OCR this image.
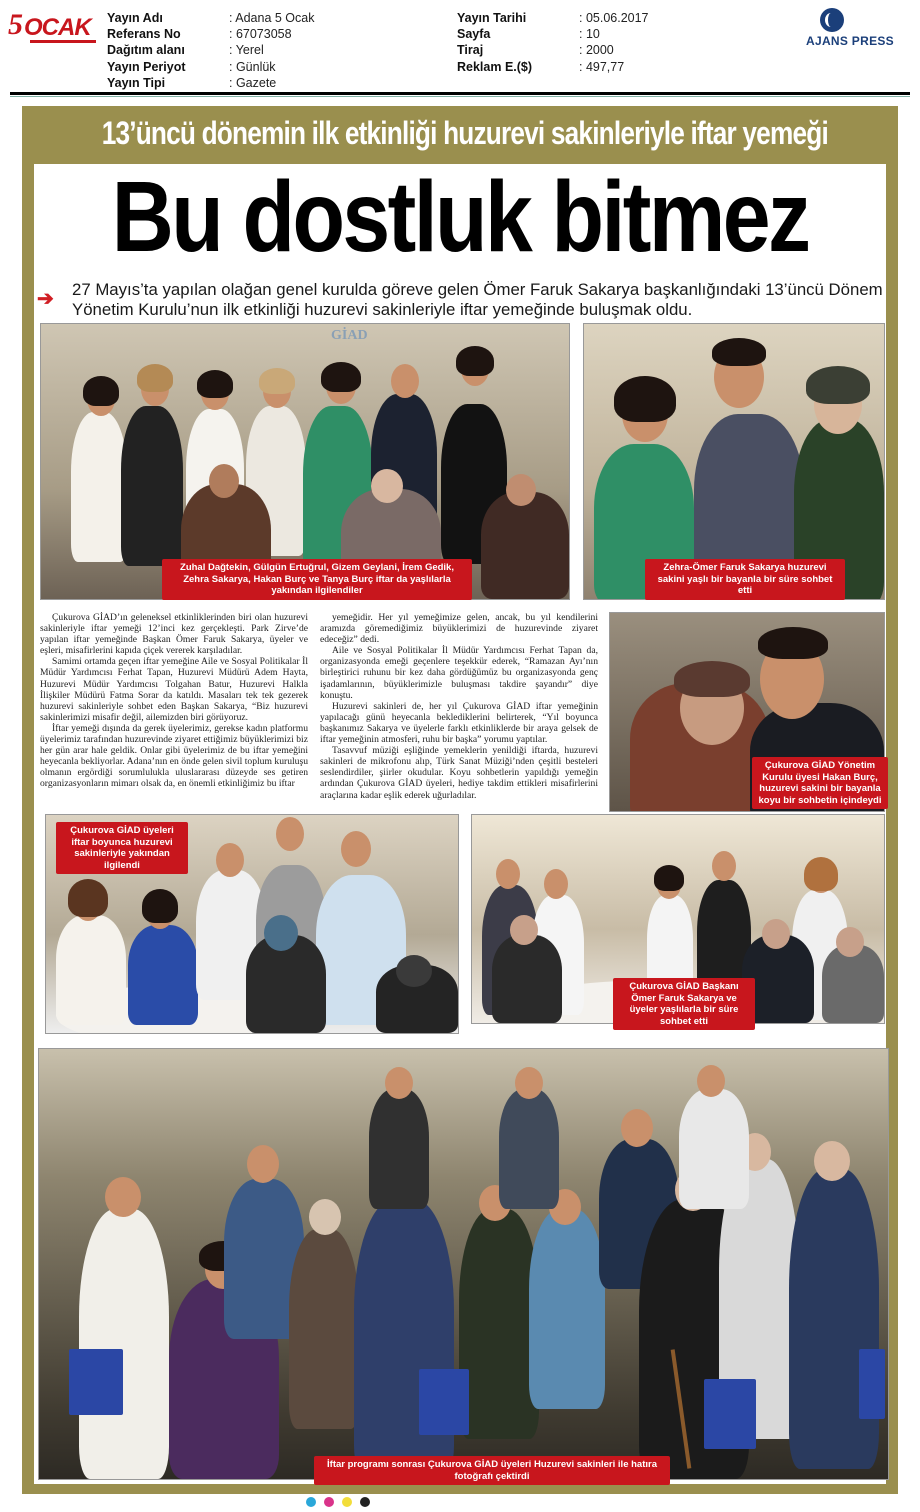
5 OCAK Yayın Adı	: Adana 5 Ocak
Referans No	: 67073058
Dağıtım alanı	: Yerel
Yayın Periyot	: Günlük
Yayın Tipi	: Gazete
Yayın Tarihi	: 05.06.2017
Sayfa	: 10
Tiraj	: 2000
Reklam E.($)	: 497,77
AJANS PRESS
13’üncü dönemin ilk etkinliği huzurevi sakinleriyle iftar yemeği
Bu dostluk bitmez
➔ 27 Mayıs’ta yapılan olağan genel kurulda göreve gelen Ömer Faruk Sakarya başkanlığındaki 13’üncü Dönem Yönetim Kurulu’nun ilk etkinliği huzurevi sakinleriyle iftar yemeğinde buluşmak oldu.
GİAD
Zuhal Dağtekin, Gülgün Ertuğrul, Gizem Geylani, İrem Gedik, Zehra Sakarya, Hakan Burç ve Tanya Burç iftar da yaşlılarla yakından ilgilendiler
Zehra-Ömer Faruk Sakarya huzurevi sakini yaşlı bir bayanla bir süre sohbet etti

Çukurova GİAD’ın geleneksel etkinliklerinden biri olan huzurevi sakinleriyle iftar yemeği 12’inci kez gerçekleşti. Park Zirve’de yapılan iftar yemeğinde Başkan Ömer Faruk Sakarya, üyeler ve eşleri, misafirlerini kapıda çiçek vererek karşıladılar.

Samimi ortamda geçen iftar yemeğine Aile ve Sosyal Politikalar İl Müdür Yardımcısı Ferhat Tapan, Huzurevi Müdürü Adem Hayta, Huzurevi Müdür Yardımcısı Tolgahan Batur, Huzurevi Halkla İlişkiler Müdürü Fatma Sorar da katıldı. Masaları tek tek gezerek huzurevi sakinleriyle sohbet eden Başkan Sakarya, “Biz huzurevi sakinlerimizi misafir değil, ailemizden biri görüyoruz.

İftar yemeği dışında da gerek üyelerimiz, gerekse kadın platformu üyelerimiz tarafından huzurevinde ziyaret ettiğimiz büyüklerimizi biz her gün arar hale geldik. Onlar gibi üyelerimiz de bu iftar yemeğini heyecanla bekliyorlar. Adana’nın en önde gelen sivil toplum kuruluşu olmanın ergördiği sorumlulukla uluslararası düzeyde ses getiren organizasyonların mimarı olsak da, en önemli etkinliğimiz bu iftar

yemeğidir. Her yıl yemeğimize gelen, ancak, bu yıl kendilerini aramızda göremediğimiz büyüklerimizi de huzurevinde ziyaret edeceğiz” dedi.

Aile ve Sosyal Politikalar İl Müdür Yardımcısı Ferhat Tapan da, organizasyonda emeği geçenlere teşekkür ederek, “Ramazan Ayı’nın birleştirici ruhunu bir kez daha gördüğümüz bu organizasyonda genç işadamlarının, büyüklerimizle buluşması takdire şayandır” diye konuştu.

Huzurevi sakinleri de, her yıl Çukurova GİAD iftar yemeğinin yapılacağı günü heyecanla beklediklerini belirterek, “Yıl boyunca başkanımız Sakarya ve üyelerle farklı etkinliklerde bir araya gelsek de iftar yemeğinin atmosferi, ruhu bir başka” yorumu yaptılar.

Tasavvuf müziği eşliğinde yemeklerin yenildiği iftarda, huzurevi sakinleri de mikrofonu alıp, Türk Sanat Müziği’nden çeşitli besteleri seslendirdiler, şiirler okudular. Koyu sohbetlerin yapıldığı yemeğin ardından Çukurova GİAD üyeleri, hediye takdim ettikleri misafirlerini araçlarına kadar eşlik ederek uğurladılar.

Çukurova GİAD Yönetim Kurulu üyesi Hakan Burç, huzurevi sakini bir bayanla koyu bir sohbetin içindeydi
Çukurova GİAD üyeleri iftar boyunca huzurevi sakinleriyle yakından ilgilendi
Çukurova GİAD Başkanı Ömer Faruk Sakarya ve üyeler yaşlılarla bir süre sohbet etti
İftar programı sonrası Çukurova GİAD üyeleri Huzurevi sakinleri ile hatıra fotoğrafı çektirdi
